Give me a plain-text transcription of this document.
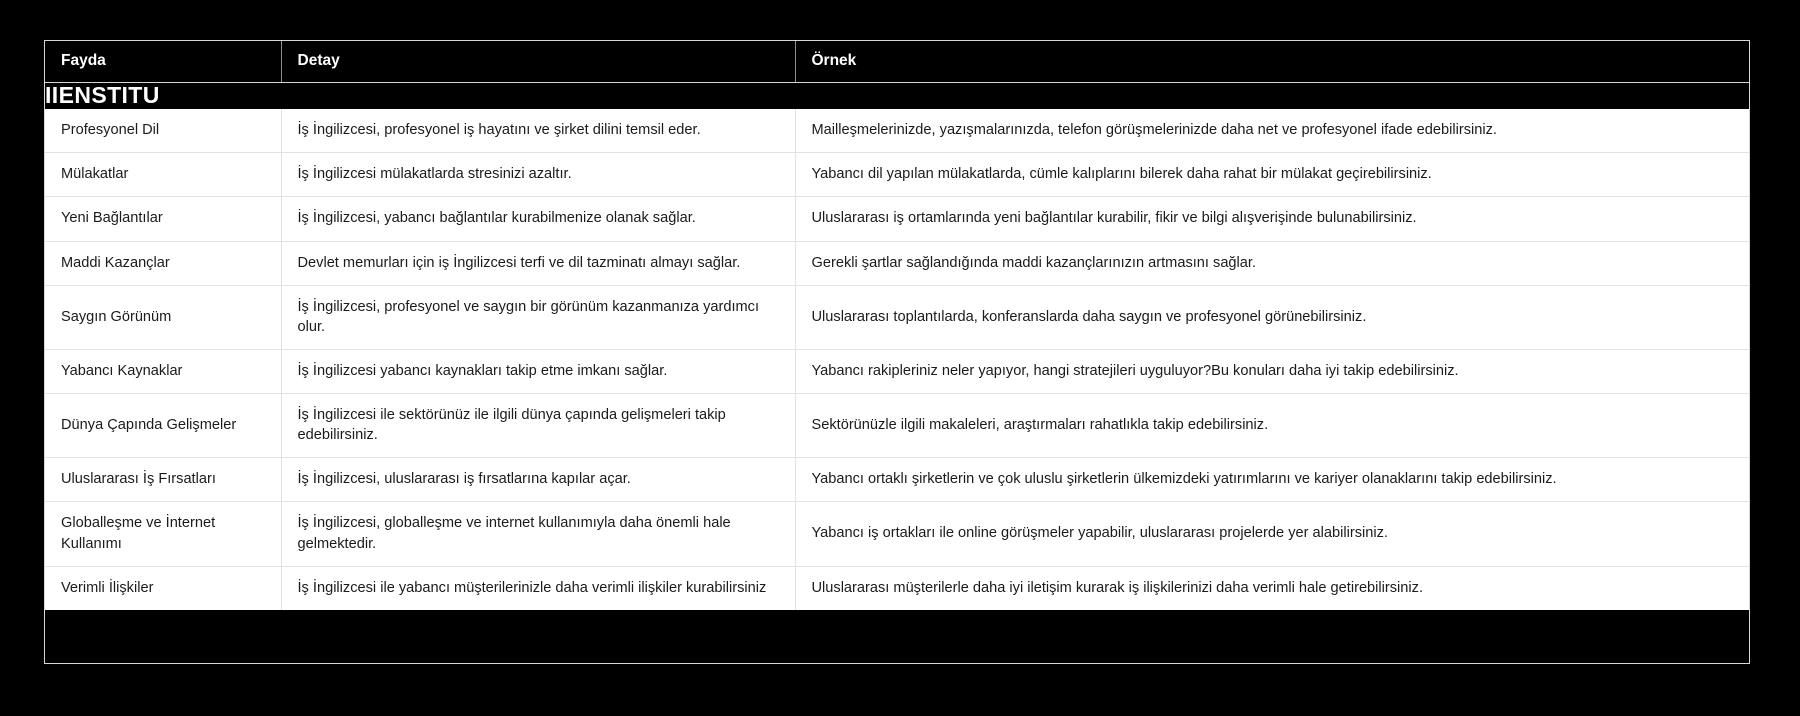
IIENSTITU		
Fayda	Detay	Örnek
Profesyonel Dil	İş İngilizcesi, profesyonel iş hayatını ve şirket dilini temsil eder.	Mailleşmelerinizde, yazışmalarınızda, telefon görüşmelerinizde daha net ve profesyonel ifade edebilirsiniz.
Mülakatlar	İş İngilizcesi mülakatlarda stresinizi azaltır.	Yabancı dil yapılan mülakatlarda, cümle kalıplarını bilerek daha rahat bir mülakat geçirebilirsiniz.
Yeni Bağlantılar	İş İngilizcesi, yabancı bağlantılar kurabilmenize olanak sağlar.	Uluslararası iş ortamlarında yeni bağlantılar kurabilir, fikir ve bilgi alışverişinde bulunabilirsiniz.
Maddi Kazançlar	Devlet memurları için iş İngilizcesi terfi ve dil tazminatı almayı sağlar.	Gerekli şartlar sağlandığında maddi kazançlarınızın artmasını sağlar.
Saygın Görünüm	İş İngilizcesi, profesyonel ve saygın bir görünüm kazanmanıza yardımcı olur.	Uluslararası toplantılarda, konferanslarda daha saygın ve profesyonel görünebilirsiniz.
Yabancı Kaynaklar	İş İngilizcesi yabancı kaynakları takip etme imkanı sağlar.	Yabancı rakipleriniz neler yapıyor, hangi stratejileri uyguluyor?Bu konuları daha iyi takip edebilirsiniz.
Dünya Çapında Gelişmeler	İş İngilizcesi ile sektörünüz ile ilgili dünya çapında gelişmeleri takip edebilirsiniz.	Sektörünüzle ilgili makaleleri, araştırmaları rahatlıkla takip edebilirsiniz.
Uluslararası İş Fırsatları	İş İngilizcesi, uluslararası iş fırsatlarına kapılar açar.	Yabancı ortaklı şirketlerin ve çok uluslu şirketlerin ülkemizdeki yatırımlarını ve kariyer olanaklarını takip edebilirsiniz.
Globalleşme ve İnternet Kullanımı	İş İngilizcesi, globalleşme ve internet kullanımıyla daha önemli hale gelmektedir.	Yabancı iş ortakları ile online görüşmeler yapabilir, uluslararası projelerde yer alabilirsiniz.
Verimli İlişkiler	İş İngilizcesi ile yabancı müşterilerinizle daha verimli ilişkiler kurabilirsiniz	Uluslararası müşterilerle daha iyi iletişim kurarak iş ilişkilerinizi daha verimli hale getirebilirsiniz.
